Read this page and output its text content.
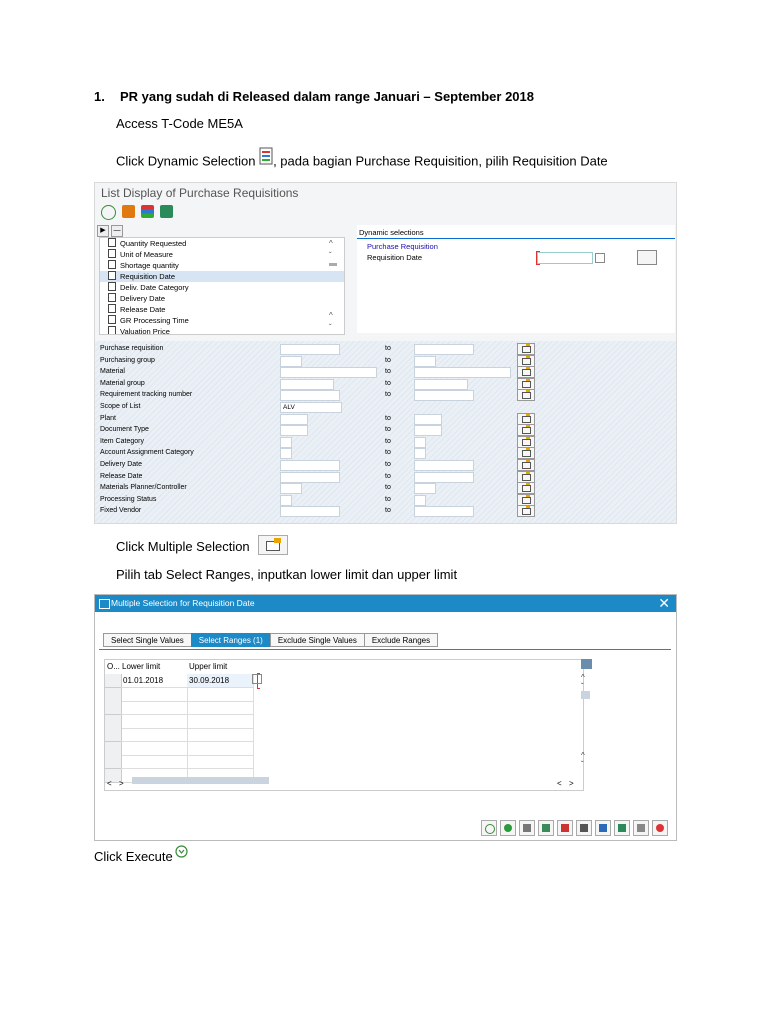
1. PR yang sudah di Released dalam range Januari – September 2018
Access T-Code ME5A
Click Dynamic Selection , pada bagian Purchase Requisition, pilih Requisition Date
List Display of Purchase Requisitions
▶	—
Quantity Requested
Unit of Measure
Shortage quantity
Requisition Date
Deliv. Date Category
Delivery Date
Release Date
GR Processing Time
Valuation Price
^
ˇ
^
ˇ
Dynamic selections
Purchase Requisition
Requisition Date
Purchase requisition	to
Purchasing group	to
Material	to
Material group	to
Requirement tracking number	to
Scope of List	ALV
Plant	to
Document Type	to
Item Category	to
Account Assignment Category	to
Delivery Date	to
Release Date	to
Materials Planner/Controller	to
Processing Status	to
Fixed Vendor	to
Click Multiple Selection
Pilih tab Select Ranges, inputkan lower limit dan upper limit
Multiple Selection for Requisition Date	✕
Select Single Values	Select Ranges (1)	Exclude Single Values	Exclude Ranges
O... Lower limit	Upper limit
01.01.2018	30.09.2018
< >	< >
^
ˇ
^
ˇ
Click Execute
